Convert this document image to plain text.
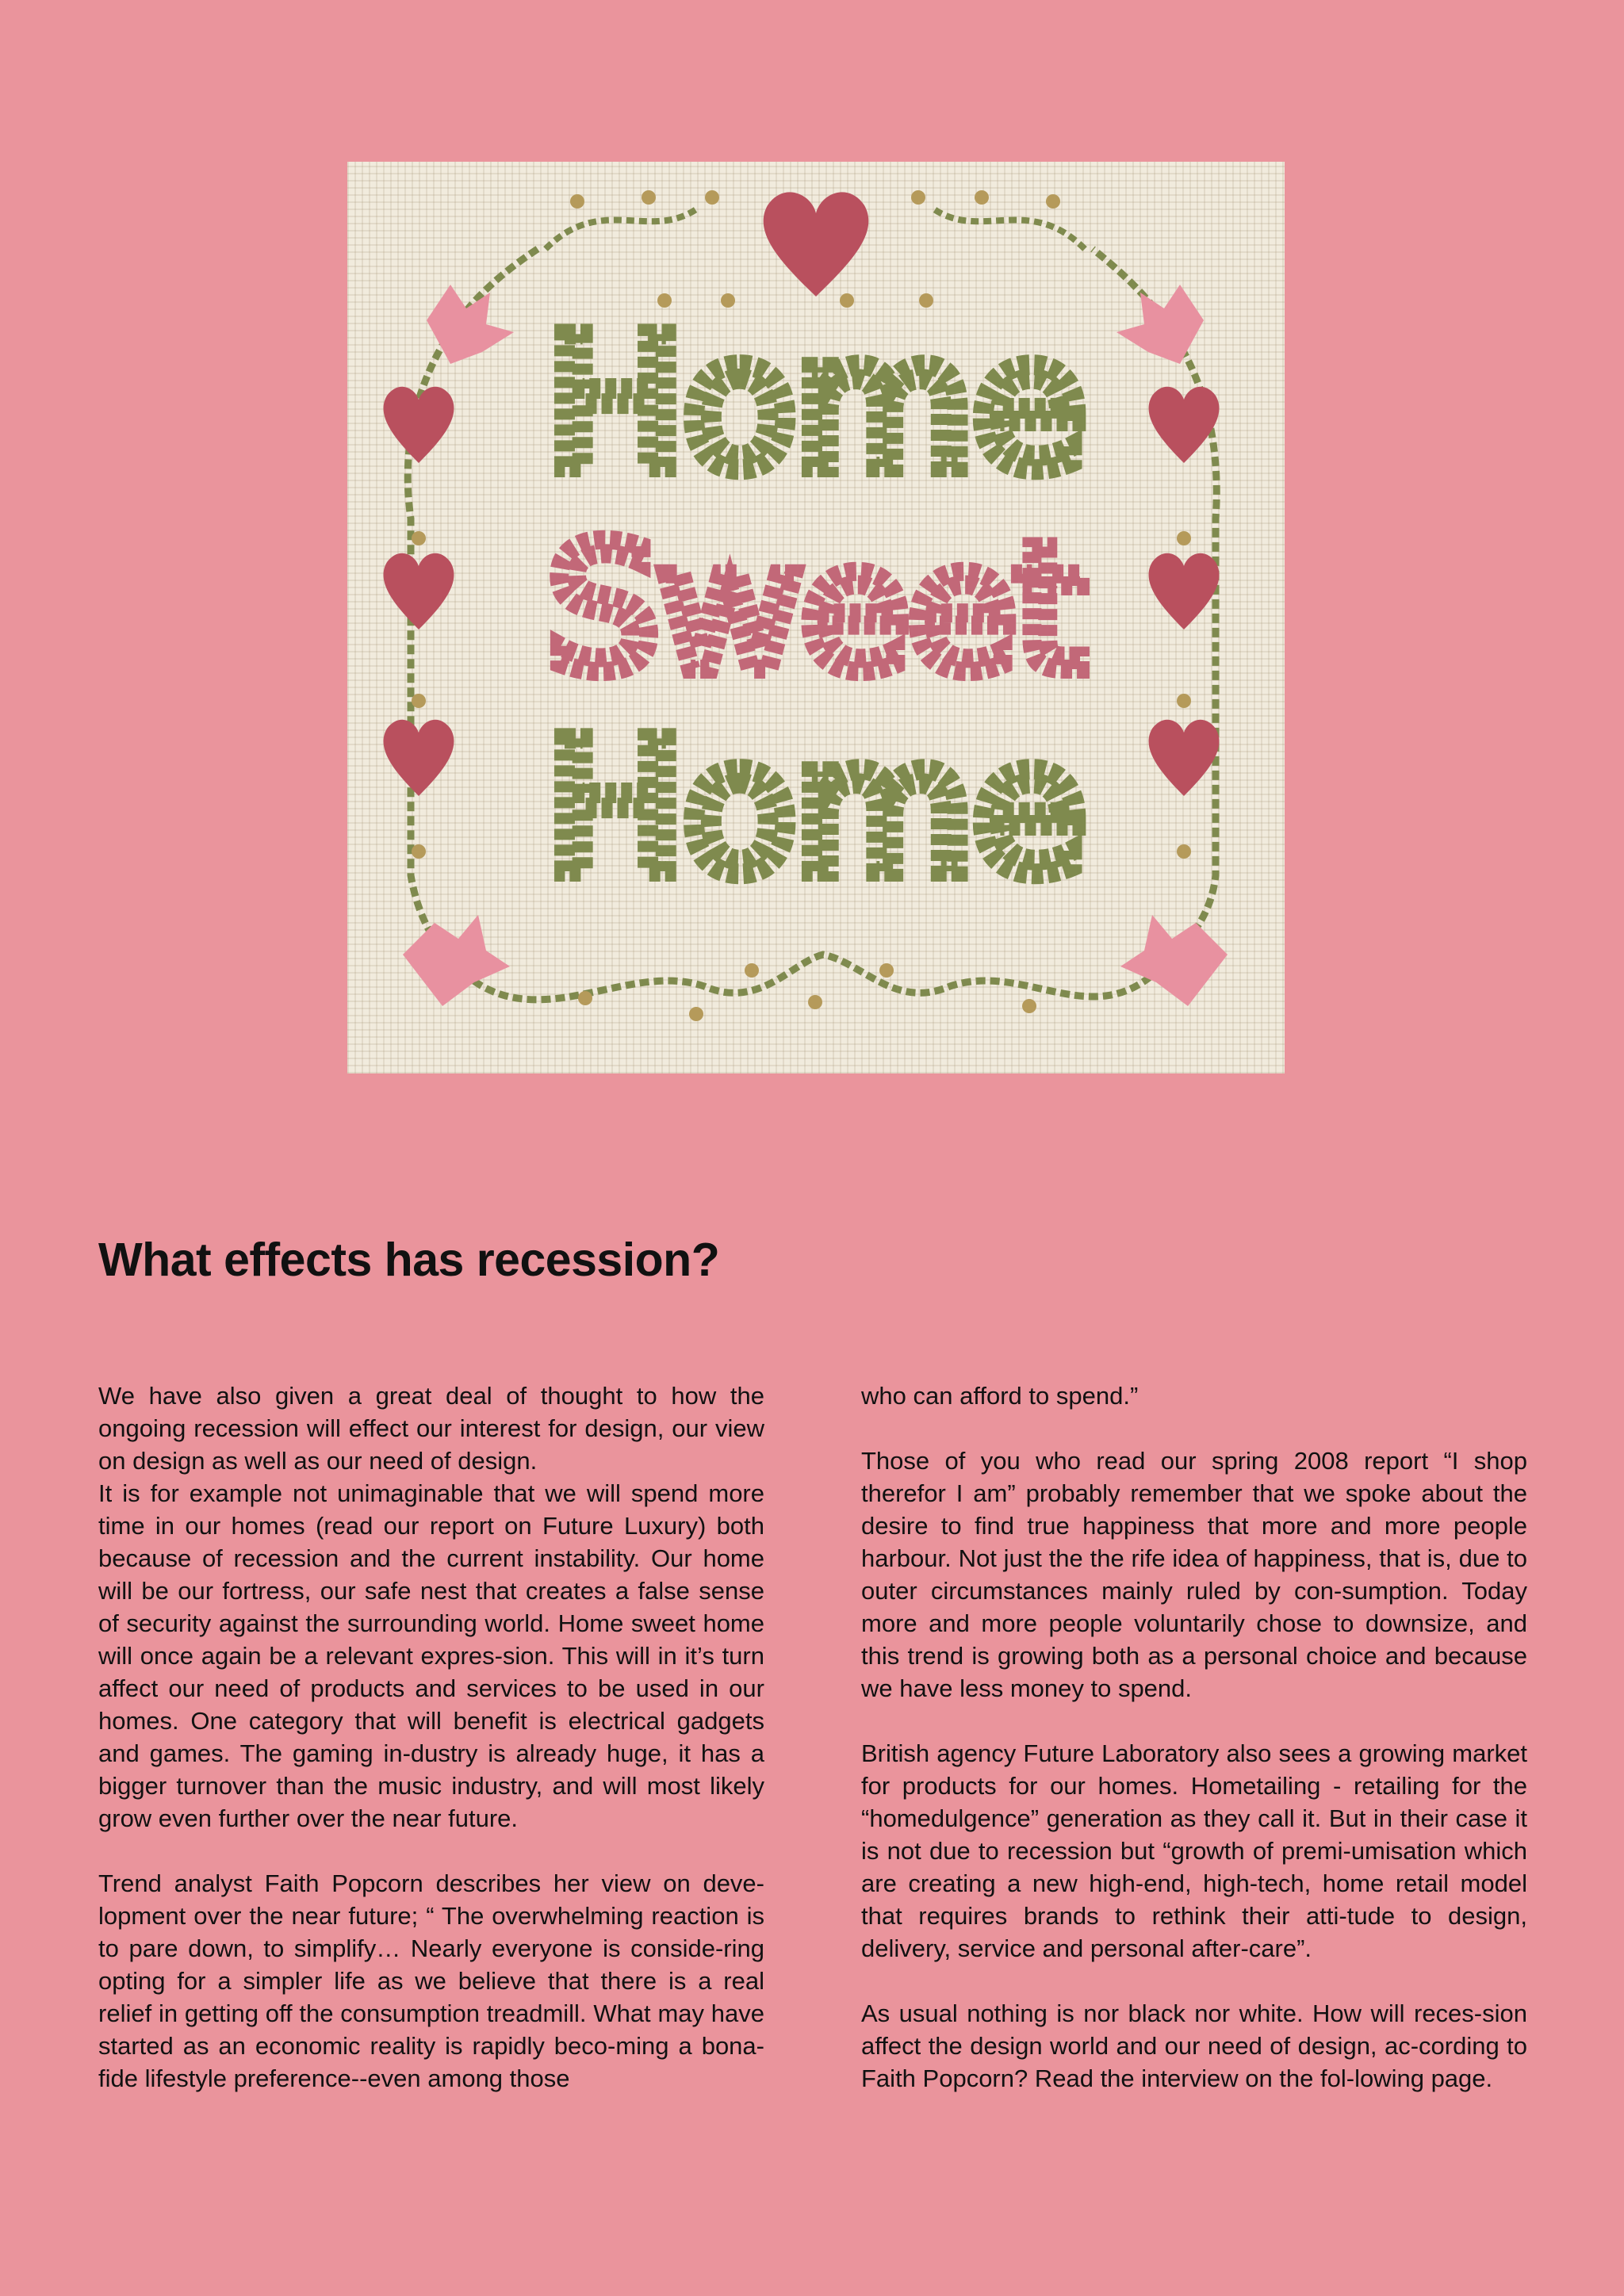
Home
Sweet
Home
What effects has recession?

We have also given a great deal of thought to how the ongoing recession will effect our interest for design, our view on design as well as our need of design.

It is for example not unimaginable that we will spend more time in our homes (read our report on Future Luxury) both because of recession and the current instability. Our home will be our fortress, our safe nest that creates a false sense of security against the surrounding world. Home sweet home will once again be a relevant expres-sion. This will in it’s turn affect our need of products and services to be used in our homes. One category that will benefit is electrical gadgets and games. The gaming in-dustry is already huge, it has a bigger turnover than the music industry, and will most likely grow even further over the near future.

Trend analyst Faith Popcorn describes her view on deve-lopment over the near future; “ The overwhelming reaction is to pare down, to simplify… Nearly everyone is conside-ring opting for a simpler life as we believe that there is a real relief in getting off the consumption treadmill. What may have started as an economic reality is rapidly beco-ming a bona-fide lifestyle preference--even among those

who can afford to spend.”

Those of you who read our spring 2008 report “I shop therefor I am” probably remember that we spoke about the desire to find true happiness that more and more people harbour. Not just the the rife idea of happiness, that is, due to outer circumstances mainly ruled by con-sumption. Today more and more people voluntarily chose to downsize, and this trend is growing both as a personal choice and because we have less money to spend.

British agency Future Laboratory also sees a growing market for products for our homes. Hometailing - retailing for the “homedulgence” generation as they call it. But in their case it is not due to recession but “growth of premi-umisation which are creating a new high-end, high-tech, home retail model that requires brands to rethink their atti-tude to design, delivery, service and personal after-care”.

As usual nothing is nor black nor white. How will reces-sion affect the design world and our need of design, ac-cording to Faith Popcorn? Read the interview on the fol-lowing page.
